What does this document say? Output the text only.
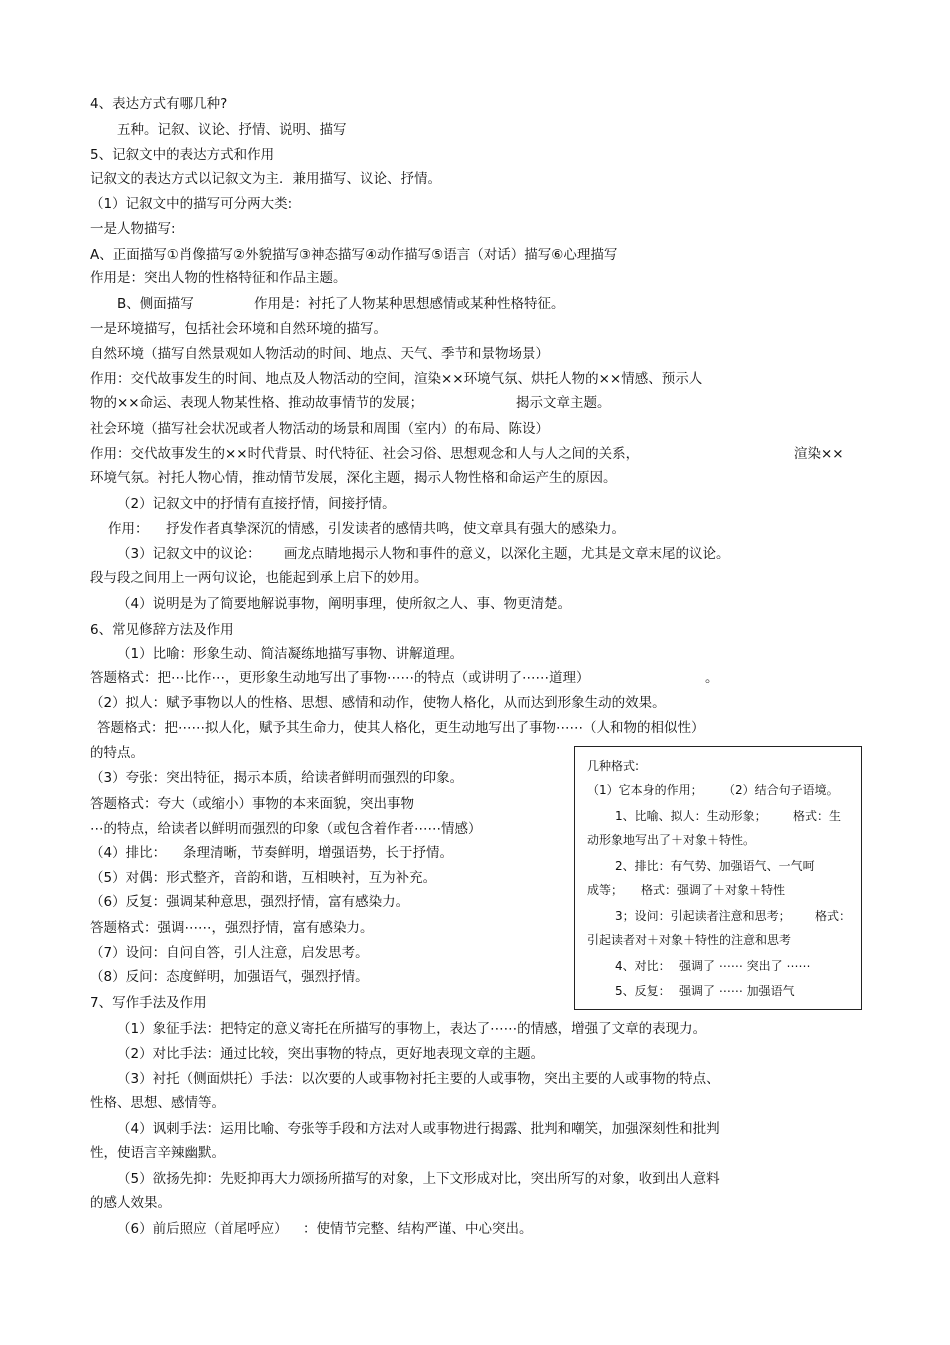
4、表达方式有哪几种?
五种。记叙、议论、抒情、说明、描写
5、记叙文中的表达方式和作用
记叙文的表达方式以记叙文为主．兼用描写、议论、抒情。
（1）记叙文中的描写可分两大类:
一是人物描写:
A、正面描写①肖像描写②外貌描写③神态描写④动作描写⑤语言（对话）描写⑥心理描写
作用是：突出人物的性格特征和作品主题。
B、侧面描写	作用是：衬托了人物某种思想感情或某种性格特征。
一是环境描写，包括社会环境和自然环境的描写。
自然环境（描写自然景观如人物活动的时间、地点、天气、季节和景物场景）
作用：交代故事发生的时间、地点及人物活动的空间，渲染××环境气氛、烘托人物的××情感、预示人
物的××命运、表现人物某性格、推动故事情节的发展；	揭示文章主题。
社会环境（描写社会状况或者人物活动的场景和周围（室内）的布局、陈设）
作用：交代故事发生的××时代背景、时代特征、社会习俗、思想观念和人与人之间的关系，	渲染××
环境气氛。衬托人物心情，推动情节发展，深化主题，揭示人物性格和命运产生的原因。
（2）记叙文中的抒情有直接抒情，间接抒情。
作用： 抒发作者真挚深沉的情感，引发读者的感情共鸣，使文章具有强大的感染力。
（3）记叙文中的议论： 画龙点睛地揭示人物和事件的意义，以深化主题，尤其是文章末尾的议论。
段与段之间用上一两句议论，也能起到承上启下的妙用。
（4）说明是为了简要地解说事物，阐明事理，使所叙之人、事、物更清楚。
6、常见修辞方法及作用
（1）比喻：形象生动、简洁凝练地描写事物、讲解道理。
答题格式：把⋯比作⋯，更形象生动地写出了事物⋯⋯的特点（或讲明了⋯⋯道理）	。
（2）拟人：赋予事物以人的性格、思想、感情和动作，使物人格化，从而达到形象生动的效果。
答题格式：把⋯⋯拟人化，赋予其生命力，使其人格化，更生动地写出了事物⋯⋯（人和物的相似性）
的特点。
（3）夸张：突出特征，揭示本质，给读者鲜明而强烈的印象。
答题格式：夸大（或缩小）事物的本来面貌，突出事物
⋯的特点，给读者以鲜明而强烈的印象（或包含着作者⋯⋯情感）
（4）排比： 条理清晰，节奏鲜明，增强语势，长于抒情。
（5）对偶：形式整齐，音韵和谐，互相映衬，互为补充。
（6）反复：强调某种意思，强烈抒情，富有感染力。
答题格式：强调⋯⋯，强烈抒情，富有感染力。
（7）设问：自问自答，引人注意，启发思考。
（8）反问：态度鲜明，加强语气，强烈抒情。
7、写作手法及作用
（1）象征手法：把特定的意义寄托在所描写的事物上，表达了⋯⋯的情感，增强了文章的表现力。
（2）对比手法：通过比较，突出事物的特点，更好地表现文章的主题。
（3）衬托（侧面烘托）手法：以次要的人或事物衬托主要的人或事物，突出主要的人或事物的特点、
性格、思想、感情等。
（4）讽刺手法：运用比喻、夸张等手段和方法对人或事物进行揭露、批判和嘲笑，加强深刻性和批判
性，使语言辛辣幽默。
（5）欲扬先抑：先贬抑再大力颂扬所描写的对象，上下文形成对比，突出所写的对象，收到出人意料
的感人效果。
（6）前后照应（首尾呼应） ：使情节完整、结构严谨、中心突出。
几种格式:
（1）它本身的作用； （2）结合句子语境。
1、比喻、拟人：生动形象； 格式：生
动形象地写出了＋对象＋特性。
2、排比：有气势、加强语气、一气呵
成等； 格式：强调了＋对象＋特性
3；设问：引起读者注意和思考； 格式：
引起读者对＋对象＋特性的注意和思考
4、对比： 强调了 ⋯⋯ 突出了 ⋯⋯
5、反复： 强调了 ⋯⋯ 加强语气
